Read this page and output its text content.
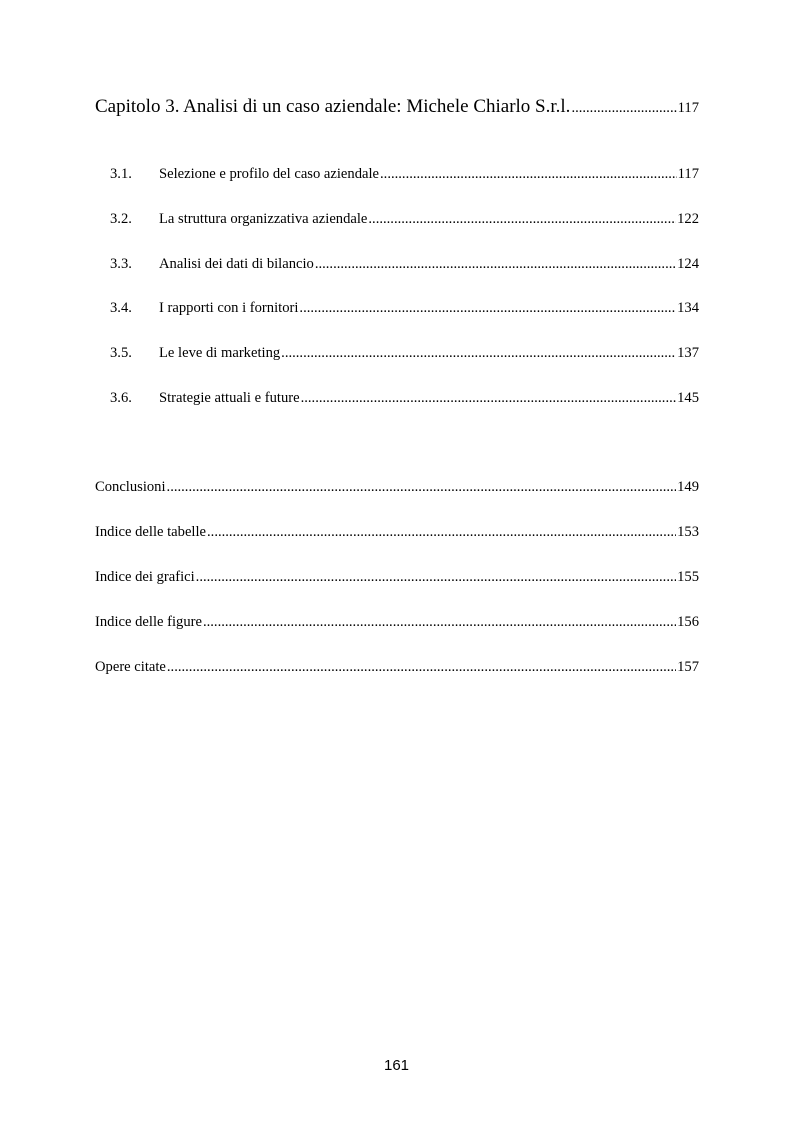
Capitolo 3. Analisi di un caso aziendale: Michele Chiarlo S.r.l. .....	117
3.1.	Selezione e profilo del caso aziendale .....	117
3.2.	La struttura organizzativa aziendale .....	122
3.3.	Analisi dei dati di bilancio .....	124
3.4.	I rapporti con i fornitori .....	134
3.5.	Le leve di marketing .....	137
3.6.	Strategie attuali e future .....	145
Conclusioni .....	149
Indice delle tabelle .....	153
Indice dei grafici .....	155
Indice delle figure .....	156
Opere citate .....	157
161
